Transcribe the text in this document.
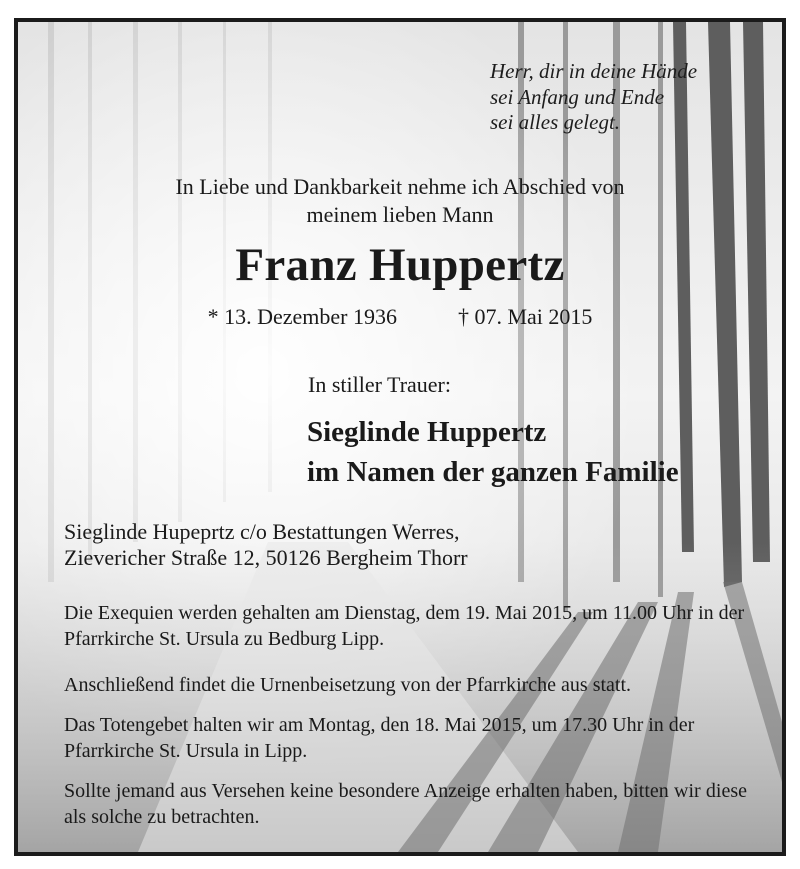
Herr, dir in deine Hände
sei Anfang und Ende
sei alles gelegt.
In Liebe und Dankbarkeit nehme ich Abschied von
meinem lieben Mann
Franz Huppertz
* 13. Dezember 1936	† 07. Mai 2015
In stiller Trauer:
Sieglinde Huppertz
im Namen der ganzen Familie
Sieglinde Hupeprtz c/o Bestattungen Werres,
Zievericher Straße 12, 50126 Bergheim Thorr
Die Exequien werden gehalten am Dienstag, dem 19. Mai 2015, um 11.00 Uhr in der Pfarrkirche St. Ursula zu Bedburg Lipp.
Anschließend findet die Urnenbeisetzung von der Pfarrkirche aus statt.
Das Totengebet halten wir am Montag, den 18. Mai 2015, um 17.30 Uhr in der Pfarrkirche St. Ursula in Lipp.
Sollte jemand aus Versehen keine besondere Anzeige erhalten haben, bitten wir diese als solche zu betrachten.
